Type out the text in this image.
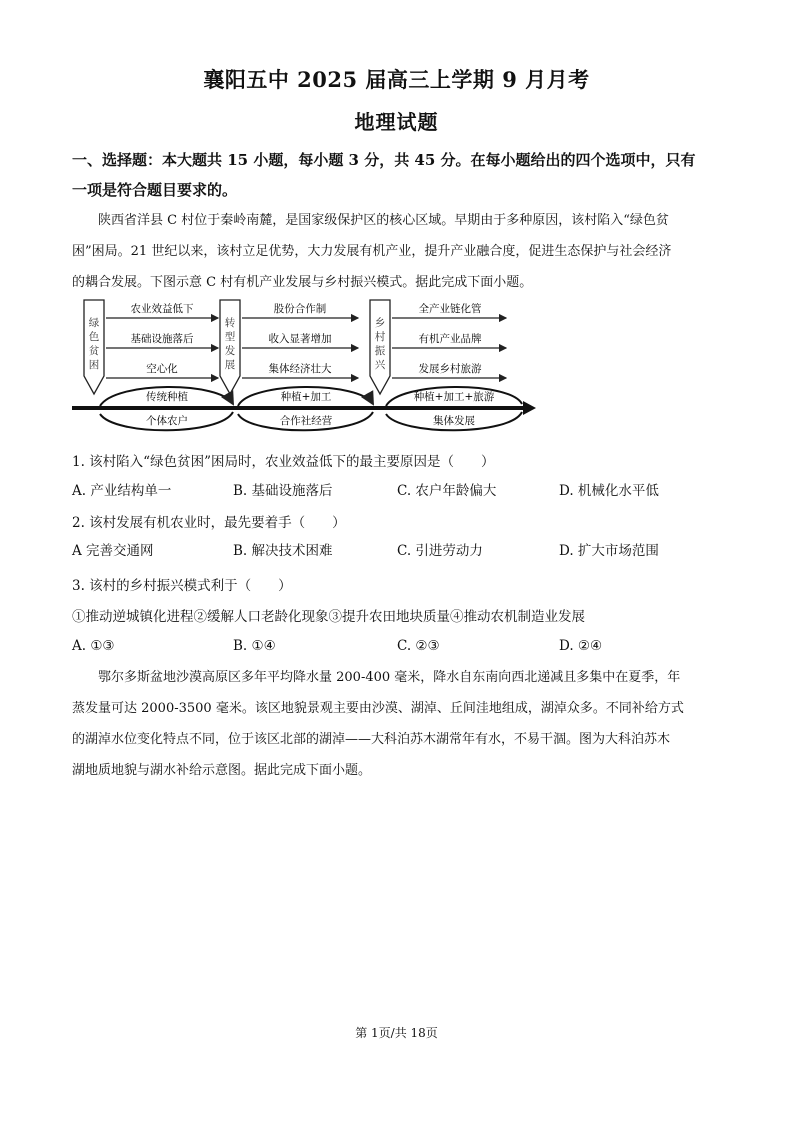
襄阳五中 2025 届高三上学期 9 月月考
地理试题
一、选择题：本大题共 15 小题，每小题 3 分，共 45 分。在每小题给出的四个选项中，只有
一项是符合题目要求的。
陕西省洋县 C 村位于秦岭南麓，是国家级保护区的核心区域。早期由于多种原因，该村陷入“绿色贫
困”困局。21 世纪以来，该村立足优势，大力发展有机产业，提升产业融合度，促进生态保护与社会经济
的耦合发展。下图示意 C 村有机产业发展与乡村振兴模式。据此完成下面小题。
绿色贫困
转型发展
乡村振兴
农业效益低下
基础设施落后
空心化
股份合作制
收入显著增加
集体经济壮大
全产业链化管
有机产业品牌
发展乡村旅游
传统种植	种植+加工	种植+加工+旅游
个体农户	合作社经营	集体发展
1. 该村陷入“绿色贫困”困局时，农业效益低下的最主要原因是（　　）
A. 产业结构单一	B. 基础设施落后	C. 农户年龄偏大	D. 机械化水平低
2. 该村发展有机农业时，最先要着手（　　）
A 完善交通网	B. 解决技术困难	C. 引进劳动力	D. 扩大市场范围
3. 该村的乡村振兴模式利于（　　）
①推动逆城镇化进程②缓解人口老龄化现象③提升农田地块质量④推动农机制造业发展
A. ①③	B. ①④	C. ②③	D. ②④
鄂尔多斯盆地沙漠高原区多年平均降水量 200-400 毫米，降水自东南向西北递减且多集中在夏季，年
蒸发量可达 2000-3500 毫米。该区地貌景观主要由沙漠、湖淖、丘间洼地组成，湖淖众多。不同补给方式
的湖淖水位变化特点不同，位于该区北部的湖淖——大科泊苏木湖常年有水，不易干涸。图为大科泊苏木
湖地质地貌与湖水补给示意图。据此完成下面小题。
第 1页/共 18页
